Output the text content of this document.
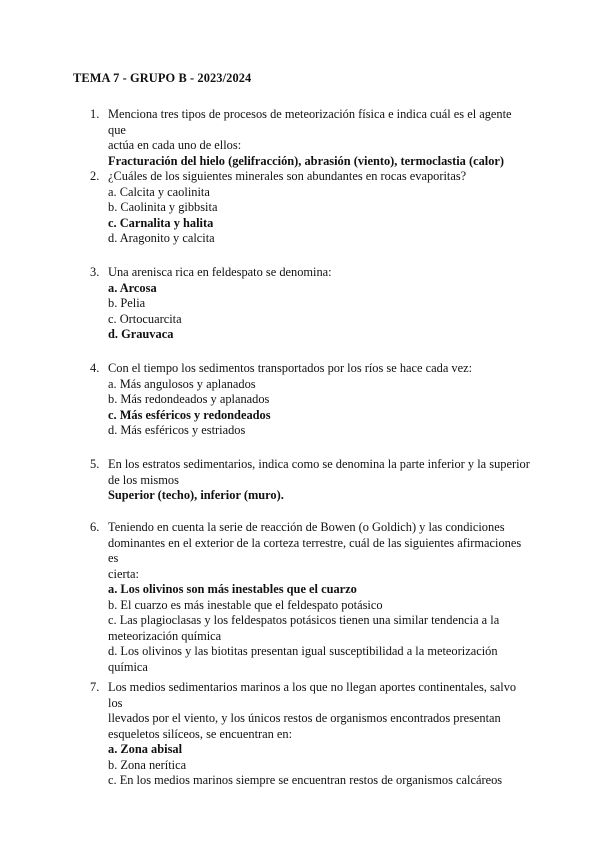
TEMA 7 - GRUPO B - 2023/2024
1. Menciona tres tipos de procesos de meteorización física e indica cuál es el agente que
actúa en cada uno de ellos:
Fracturación del hielo (gelifracción), abrasión (viento), termoclastia (calor)
2. ¿Cuáles de los siguientes minerales son abundantes en rocas evaporitas?
a. Calcita y caolinita
b. Caolinita y gibbsita
c. Carnalita y halita
d. Aragonito y calcita
3. Una arenisca rica en feldespato se denomina:
a. Arcosa
b. Pelia
c. Ortocuarcita
d. Grauvaca
4. Con el tiempo los sedimentos transportados por los ríos se hace cada vez:
a. Más angulosos y aplanados
b. Más redondeados y aplanados
c. Más esféricos y redondeados
d. Más esféricos y estriados
5. En los estratos sedimentarios, indica como se denomina la parte inferior y la superior
de los mismos
Superior (techo), inferior (muro).
6. Teniendo en cuenta la serie de reacción de Bowen (o Goldich) y las condiciones
dominantes en el exterior de la corteza terrestre, cuál de las siguientes afirmaciones es
cierta:
a. Los olivinos son más inestables que el cuarzo
b. El cuarzo es más inestable que el feldespato potásico
c. Las plagioclasas y los feldespatos potásicos tienen una similar tendencia a la meteorización química
d. Los olivinos y las biotitas presentan igual susceptibilidad a la meteorización química
7. Los medios sedimentarios marinos a los que no llegan aportes continentales, salvo los
llevados por el viento, y los únicos restos de organismos encontrados presentan
esqueletos silíceos, se encuentran en:
a. Zona abisal
b. Zona nerítica
c. En los medios marinos siempre se encuentran restos de organismos calcáreos
